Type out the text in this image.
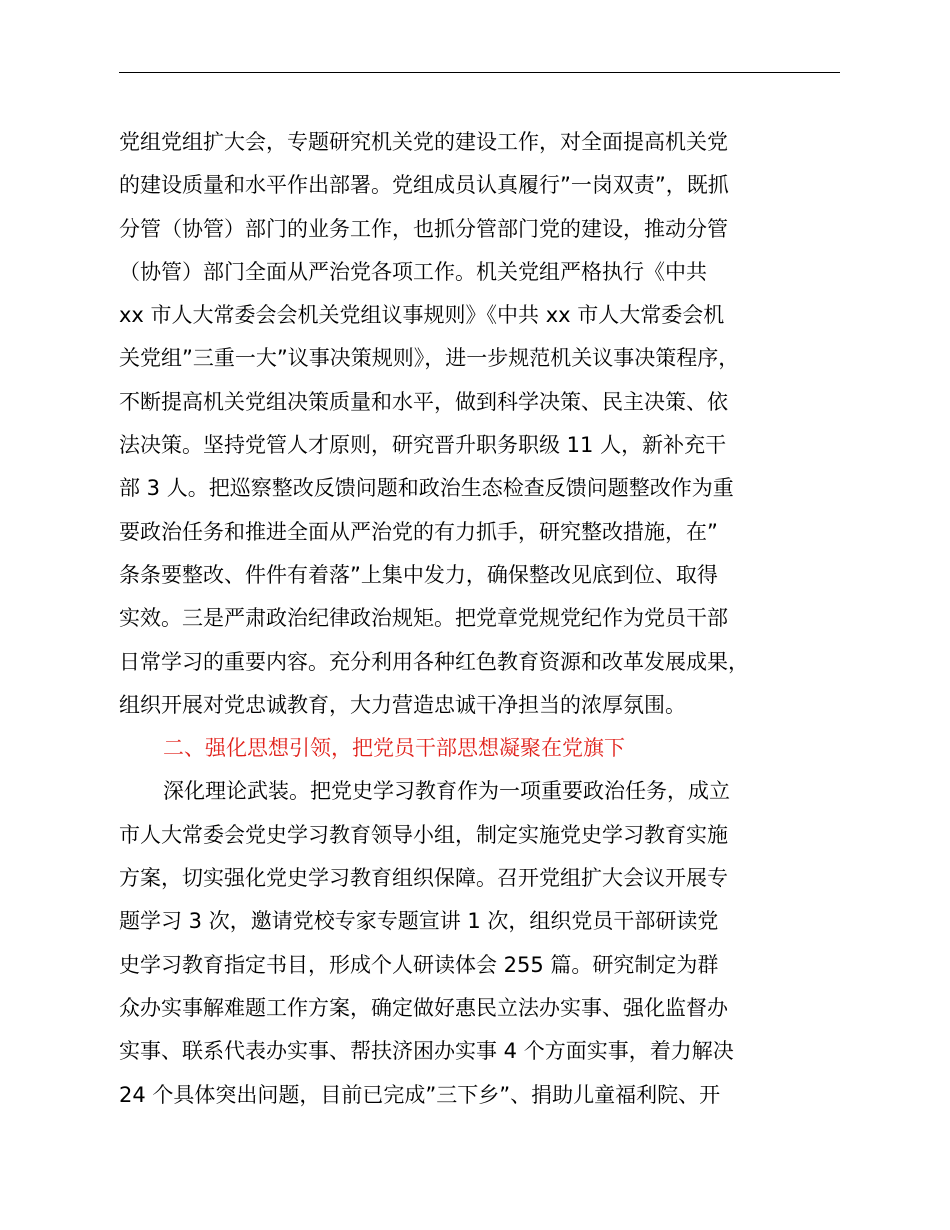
党组党组扩大会，专题研究机关党的建设工作，对全面提高机关党
的建设质量和水平作出部署。党组成员认真履行”一岗双责”，既抓
分管（协管）部门的业务工作，也抓分管部门党的建设，推动分管
（协管）部门全面从严治党各项工作。机关党组严格执行《中共
xx 市人大常委会会机关党组议事规则》《中共 xx 市人大常委会机
关党组”三重一大”议事决策规则》，进一步规范机关议事决策程序，
不断提高机关党组决策质量和水平，做到科学决策、民主决策、依
法决策。坚持党管人才原则，研究晋升职务职级 11 人，新补充干
部 3 人。把巡察整改反馈问题和政治生态检查反馈问题整改作为重
要政治任务和推进全面从严治党的有力抓手，研究整改措施，在”
条条要整改、件件有着落”上集中发力，确保整改见底到位、取得
实效。三是严肃政治纪律政治规矩。把党章党规党纪作为党员干部
日常学习的重要内容。充分利用各种红色教育资源和改革发展成果，
组织开展对党忠诚教育，大力营造忠诚干净担当的浓厚氛围。
二、强化思想引领，把党员干部思想凝聚在党旗下
深化理论武装。把党史学习教育作为一项重要政治任务，成立
市人大常委会党史学习教育领导小组，制定实施党史学习教育实施
方案，切实强化党史学习教育组织保障。召开党组扩大会议开展专
题学习 3 次，邀请党校专家专题宣讲 1 次，组织党员干部研读党
史学习教育指定书目，形成个人研读体会 255 篇。研究制定为群
众办实事解难题工作方案，确定做好惠民立法办实事、强化监督办
实事、联系代表办实事、帮扶济困办实事 4 个方面实事，着力解决
24 个具体突出问题，目前已完成”三下乡”、捐助儿童福利院、开
